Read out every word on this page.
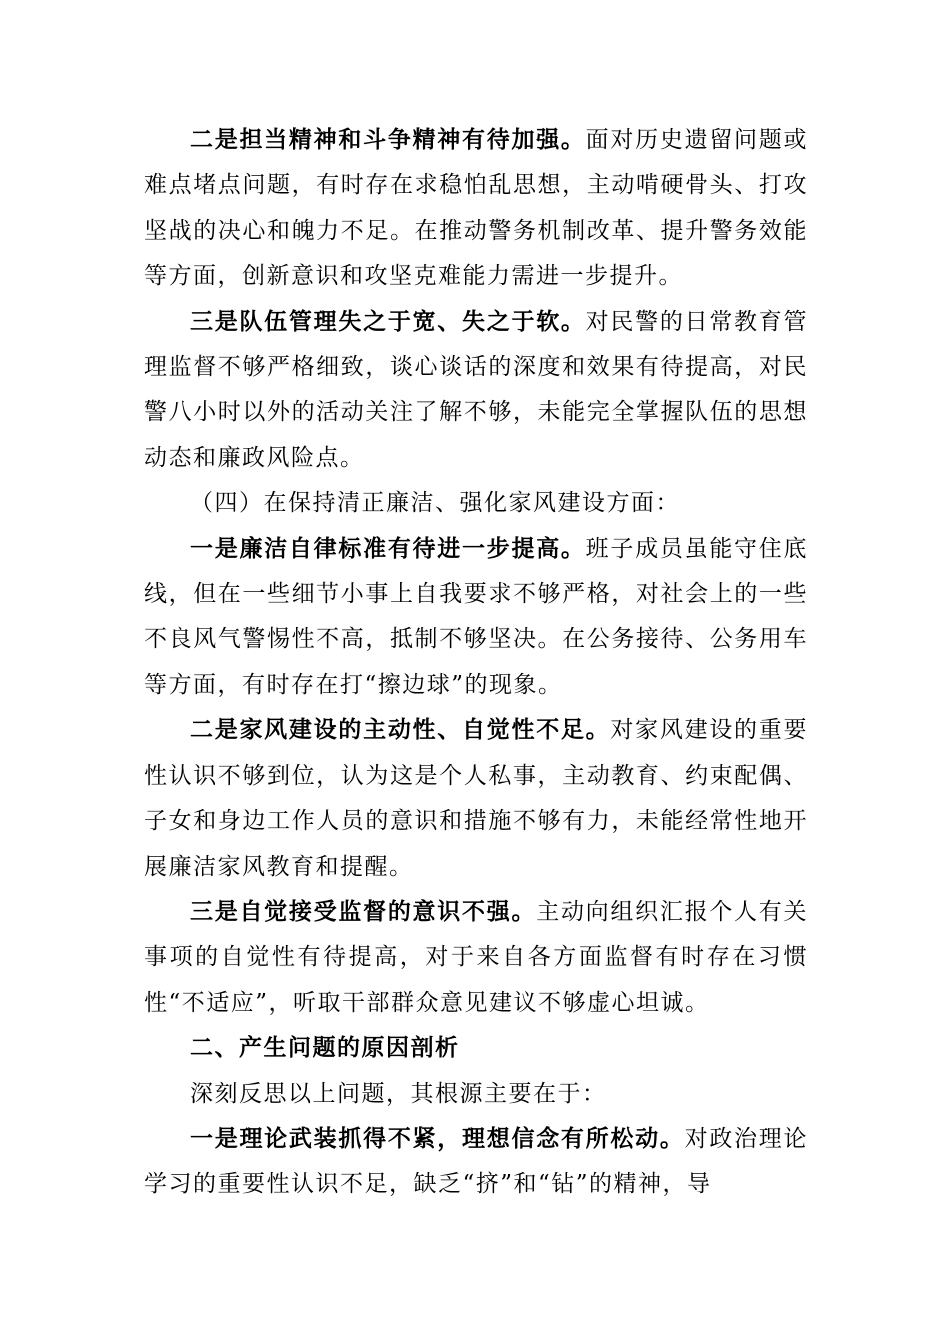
二是担当精神和斗争精神有待加强。面对历史遗留问题或难点堵点问题，有时存在求稳怕乱思想，主动啃硬骨头、打攻坚战的决心和魄力不足。在推动警务机制改革、提升警务效能等方面，创新意识和攻坚克难能力需进一步提升。

三是队伍管理失之于宽、失之于软。对民警的日常教育管理监督不够严格细致，谈心谈话的深度和效果有待提高，对民警八小时以外的活动关注了解不够，未能完全掌握队伍的思想动态和廉政风险点。

（四）在保持清正廉洁、强化家风建设方面：

一是廉洁自律标准有待进一步提高。班子成员虽能守住底线，但在一些细节小事上自我要求不够严格，对社会上的一些不良风气警惕性不高，抵制不够坚决。在公务接待、公务用车等方面，有时存在打“擦边球”的现象。

二是家风建设的主动性、自觉性不足。对家风建设的重要性认识不够到位，认为这是个人私事，主动教育、约束配偶、子女和身边工作人员的意识和措施不够有力，未能经常性地开展廉洁家风教育和提醒。

三是自觉接受监督的意识不强。主动向组织汇报个人有关事项的自觉性有待提高，对于来自各方面监督有时存在习惯性“不适应”，听取干部群众意见建议不够虚心坦诚。

二、产生问题的原因剖析

深刻反思以上问题，其根源主要在于：

一是理论武装抓得不紧，理想信念有所松动。对政治理论学习的重要性认识不足，缺乏“挤”和“钻”的精神，导
